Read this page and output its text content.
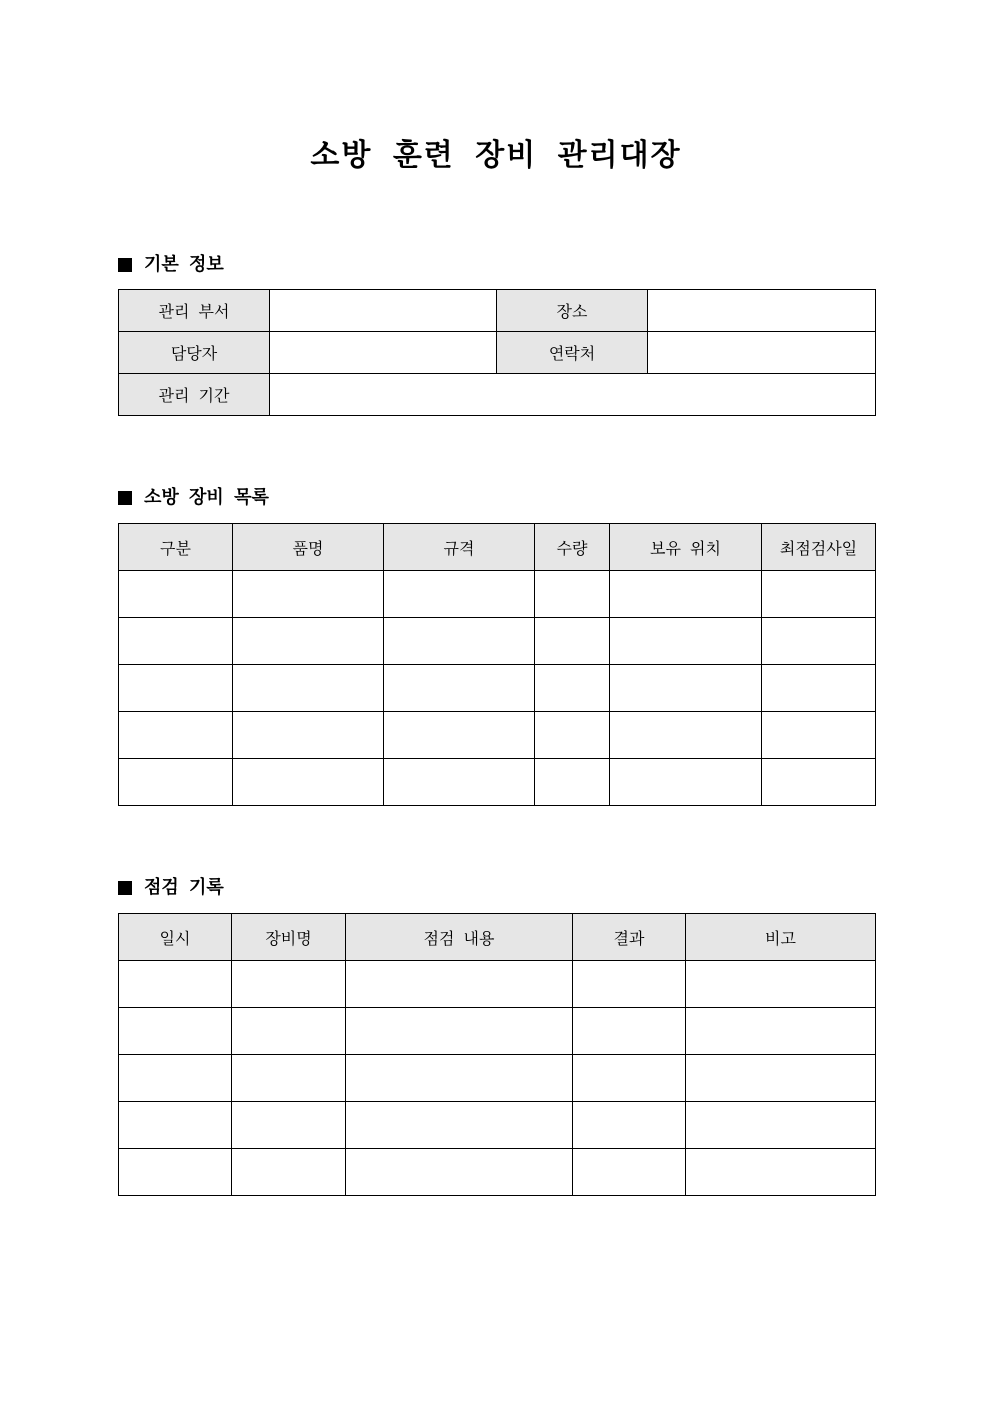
소방 훈련 장비 관리대장
기본 정보
관리 부서		장소	
담당자		연락처	
관리 기간			
소방 장비 목록
구분	품명	규격	수량	보유 위치	최점검사일

점검 기록
일시	장비명	점검 내용	결과	비고
